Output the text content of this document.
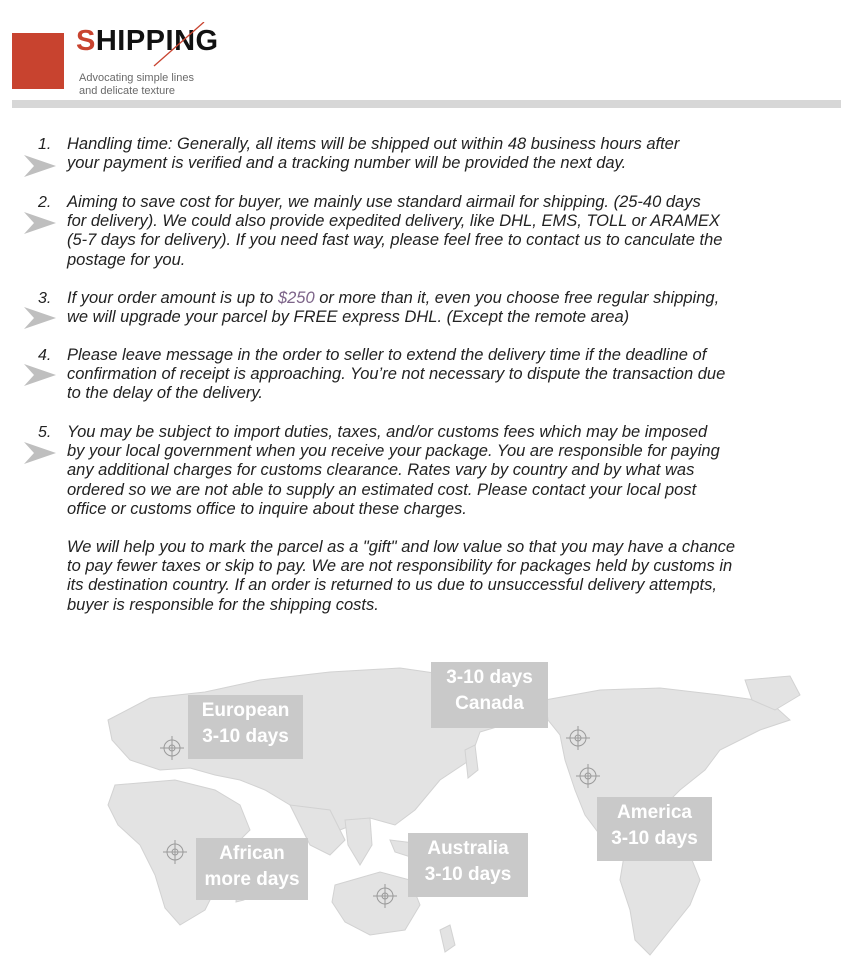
SHIPPING
Advocating simple lines
and delicate texture
1. Handling time: Generally, all items will be shipped out within 48 business hours after
your payment is verified and a tracking number will be provided the next day.

2. Aiming to save cost for buyer, we mainly use standard airmail for shipping. (25-40 days
for delivery). We could also provide expedited delivery, like DHL, EMS, TOLL or ARAMEX
(5-7 days for delivery). If you need fast way, please feel free to contact us to canculate the
postage for you.

3. If your order amount is up to $250 or more than it, even you choose free regular shipping,
we will upgrade your parcel by FREE express DHL. (Except the remote area)

4. Please leave message in the order to seller to extend the delivery time if the deadline of
confirmation of receipt is approaching. You’re not necessary to dispute the transaction due
to the delay of the delivery.

5. You may be subject to import duties, taxes, and/or customs fees which may be imposed
by your local government when you receive your package. You are responsible for paying
any additional charges for customs clearance. Rates vary by country and by what was
ordered so we are not able to supply an estimated cost. Please contact your local post
office or customs office to inquire about these charges.

We will help you to mark the parcel as a "gift" and low value so that you may have a chance
to pay fewer taxes or skip to pay. We are not responsibility for packages held by customs in
its destination country. If an order is returned to us due to unsuccessful delivery attempts,
buyer is responsible for the shipping costs.

European
3-10 days
3-10 days
Canada
America
3-10 days
African
more days
Australia
3-10 days
